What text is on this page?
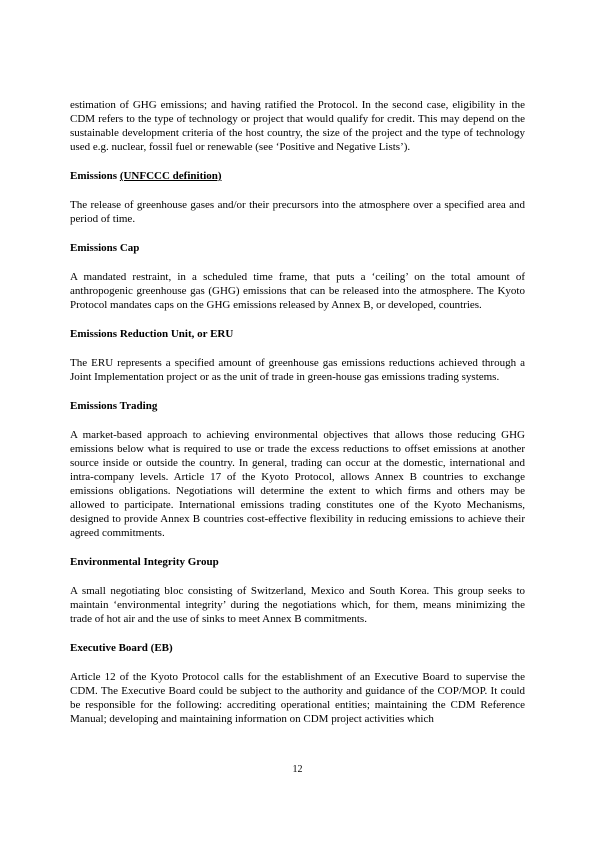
estimation of GHG emissions; and having ratified the Protocol. In the second case, eligibility in the CDM refers to the type of technology or project that would qualify for credit. This may depend on the sustainable development criteria of the host country, the size of the project and the type of technology used e.g. nuclear, fossil fuel or renewable (see ‘Positive and Negative Lists’).

Emissions (UNFCCC definition)

The release of greenhouse gases and/or their precursors into the atmosphere over a specified area and period of time.

Emissions Cap

A mandated restraint, in a scheduled time frame, that puts a ‘ceiling’ on the total amount of anthropogenic greenhouse gas (GHG) emissions that can be released into the atmosphere. The Kyoto Protocol mandates caps on the GHG emissions released by Annex B, or developed, countries.

Emissions Reduction Unit, or ERU

The ERU represents a specified amount of greenhouse gas emissions reductions achieved through a Joint Implementation project or as the unit of trade in green-house gas emissions trading systems.

Emissions Trading

A market-based approach to achieving environmental objectives that allows those reducing GHG emissions below what is required to use or trade the excess reductions to offset emissions at another source inside or outside the country. In general, trading can occur at the domestic, international and intra-company levels. Article 17 of the Kyoto Protocol, allows Annex B countries to exchange emissions obligations. Negotiations will determine the extent to which firms and others may be allowed to participate. International emissions trading constitutes one of the Kyoto Mechanisms, designed to provide Annex B countries cost-effective flexibility in reducing emissions to achieve their agreed commitments.

Environmental Integrity Group

A small negotiating bloc consisting of Switzerland, Mexico and South Korea. This group seeks to maintain ‘environmental integrity’ during the negotiations which, for them, means minimizing the trade of hot air and the use of sinks to meet Annex B commitments.

Executive Board (EB)

Article 12 of the Kyoto Protocol calls for the establishment of an Executive Board to supervise the CDM. The Executive Board could be subject to the authority and guidance of the COP/MOP. It could be responsible for the following: accrediting operational entities; maintaining the CDM Reference Manual; developing and maintaining information on CDM project activities which

12
